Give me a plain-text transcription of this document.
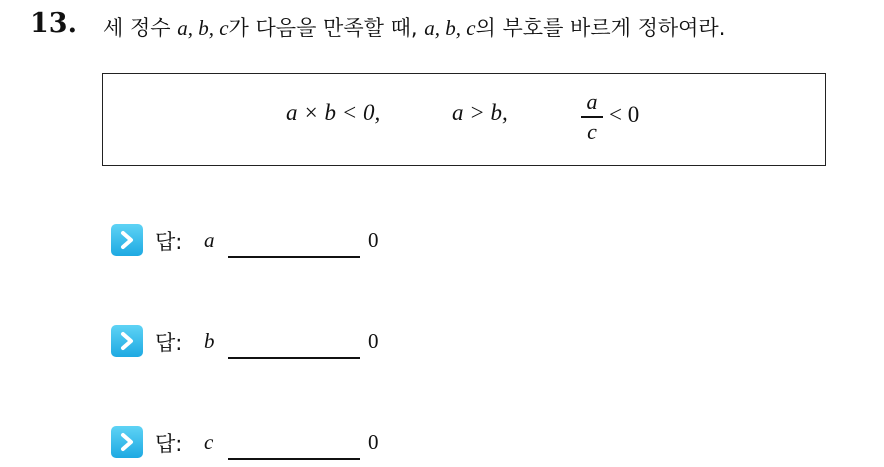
13. 세 정수 a, b, c가 다음을 만족할 때, a, b, c의 부호를 바르게 정하여라.
a × b < 0,	a > b,	a
c
< 0
답: a	0
답: b	0
답: c	0
